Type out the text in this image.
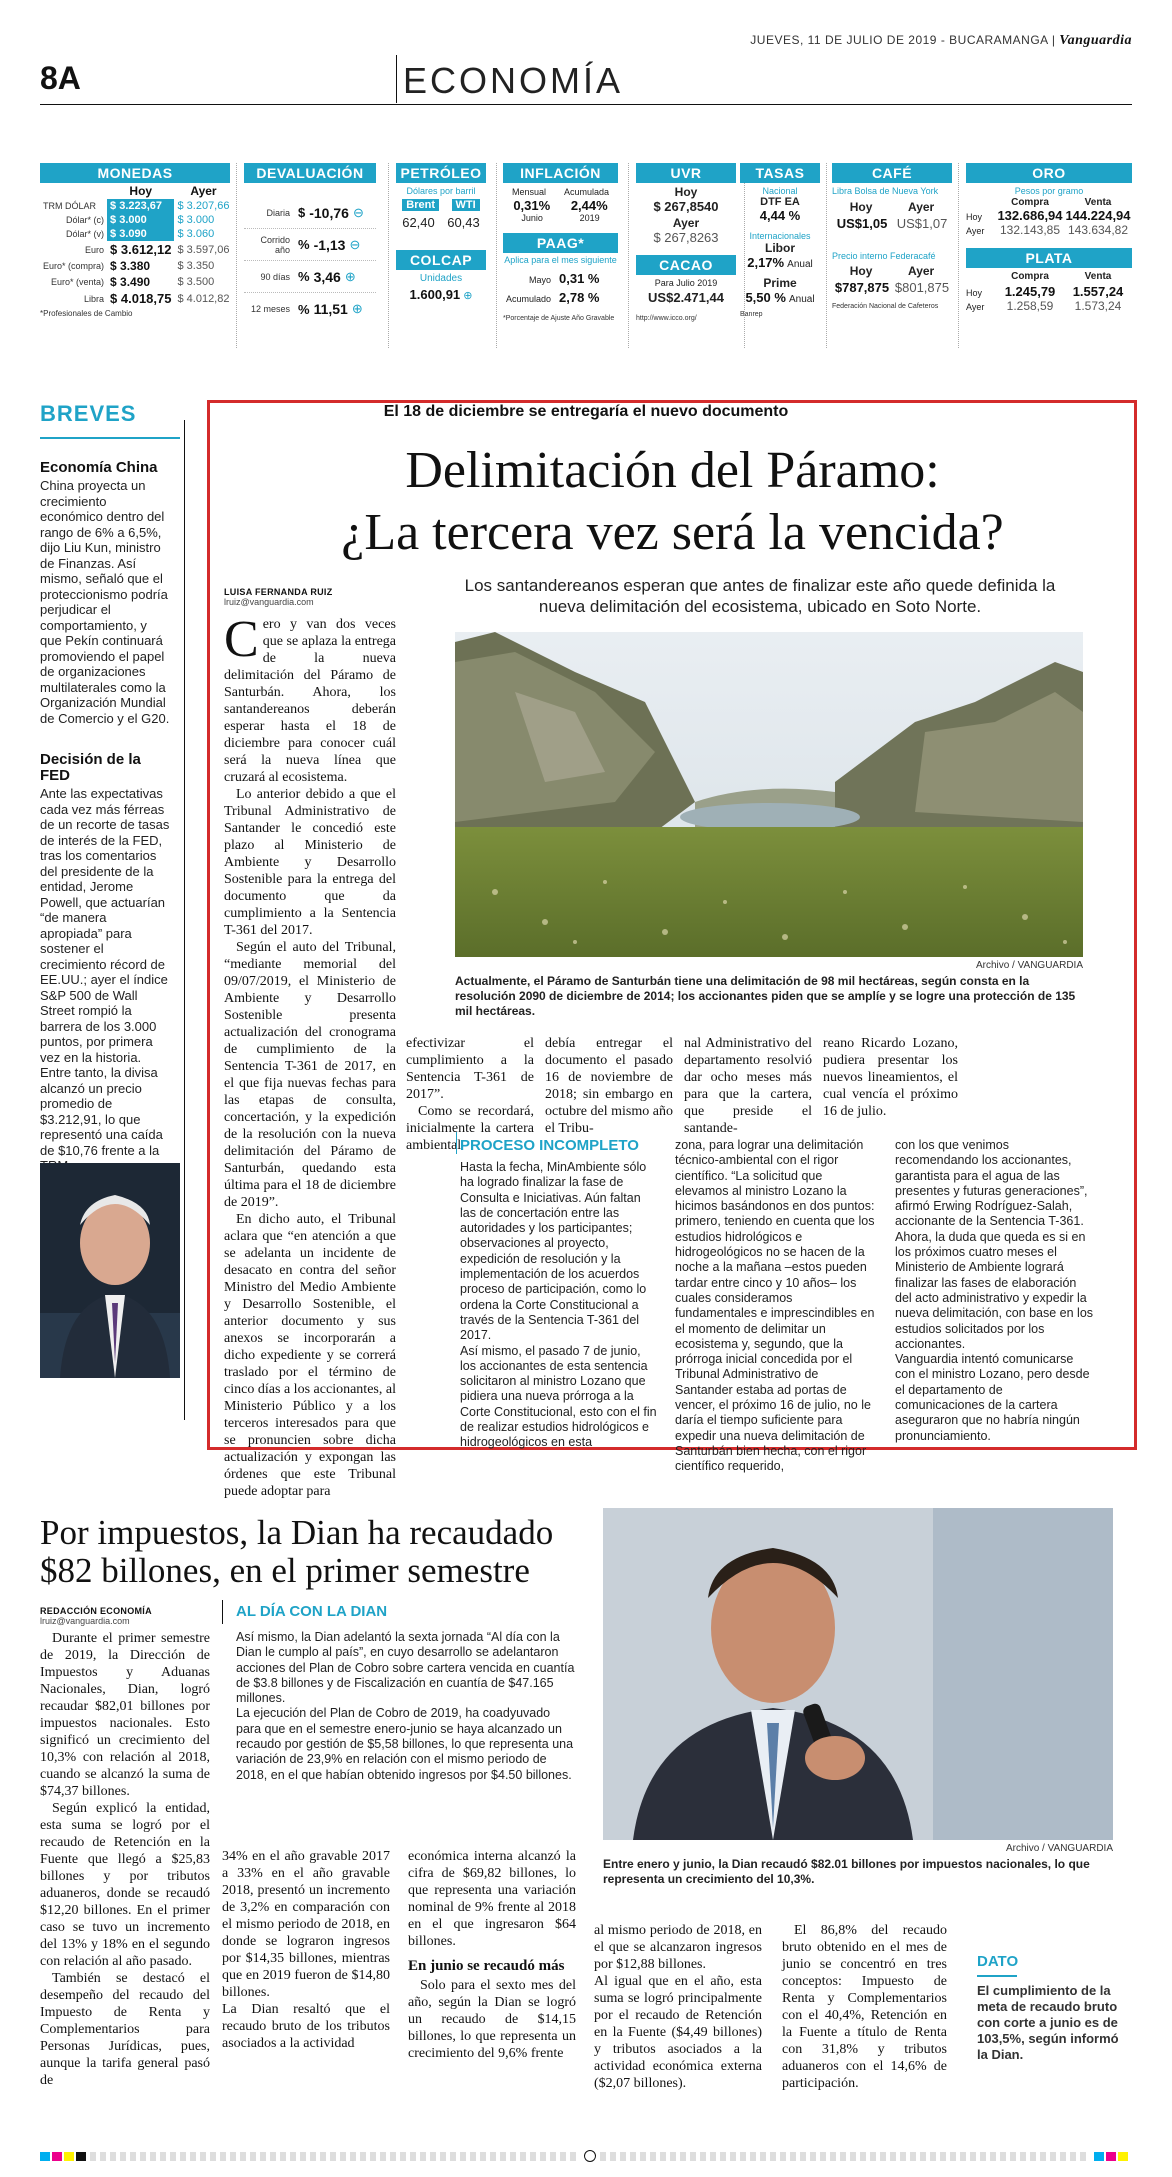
JUEVES, 11 DE JULIO DE 2019 - BUCARAMANGA | Vanguardia
8A	ECONOMÍA
MONEDAS
	Hoy	Ayer
TRM DÓLAR	$ 3.223,67	$ 3.207,66
Dólar* (c)	$ 3.000	$ 3.000
Dólar* (v)	$ 3.090	$ 3.060
Euro	$ 3.612,12	$ 3.597,06
Euro* (compra)	$ 3.380	$ 3.350
Euro* (venta)	$ 3.490	$ 3.500
Libra	$ 4.018,75	$ 4.012,82
*Profesionales de Cambio
DEVALUACIÓN
Diaria $ -10,76 ⊖
Corrido año % -1,13 ⊖
90 días % 3,46 ⊕
12 meses % 11,51 ⊕
PETRÓLEO
Dólares por barril
Brent	WTI
62,40 60,43
COLCAP
Unidades
1.600,91 ⊕
INFLACIÓN
Mensual Acumulada
0,31% 2,44%
Junio	2019
PAAG*
Aplica para el mes siguiente
Mayo 0,31 %
Acumulado 2,78 %
*Porcentaje de Ajuste Año Gravable
UVR
Hoy
$ 267,8540
Ayer
$ 267,8263
CACAO
Para Julio 2019
US$2.471,44
http://www.icco.org/
TASAS
Nacional
DTF EA
4,44 %
Internacionales
Libor
2,17% Anual
Prime
5,50 % Anual
Banrep
CAFÉ
Libra Bolsa de Nueva York
Hoy	Ayer
US$1,05 US$1,07
Precio interno Federacafé
Hoy	Ayer
$787,875 $801,875
Federación Nacional de Cafeteros
ORO
Pesos por gramo
Compra	Venta
Hoy	132.686,94 144.224,94
Ayer	132.143,85 143.634,82
PLATA
Compra	Venta
Hoy	1.245,79	1.557,24
Ayer	1.258,59	1.573,24
BREVES
Economía China

China proyecta un crecimiento económico dentro del rango de 6% a 6,5%, dijo Liu Kun, ministro de Finanzas. Así mismo, señaló que el proteccionismo podría perjudicar el comportamiento, y que Pekín continuará promoviendo el papel de organizaciones multilaterales como la Organización Mundial de Comercio y el G20.

Decisión de la FED

Ante las expectativas cada vez más férreas de un recorte de tasas de interés de la FED, tras los comentarios del presidente de la entidad, Jerome Powell, que actuarían “de manera apropiada” para sostener el crecimiento récord de EE.UU.; ayer el índice S&P 500 de Wall Street rompió la barrera de los 3.000 puntos, por primera vez en la historia. Entre tanto, la divisa alcanzó un precio promedio de $3.212,91, lo que representó una caída de $10,76 frente a la

El 18 de diciembre se entregaría el nuevo documento
Delimitación del Páramo:
¿La tercera vez será la vencida?
LUISA FERNANDA RUIZ
lruiz@vanguardia.com
Los santandereanos esperan que antes de finalizar este año quede definida la nueva delimitación del ecosistema, ubicado en Soto Norte.

Cero y van dos veces que se aplaza la entrega de la nueva delimitación del Páramo de Santurbán. Ahora, los santandereanos deberán esperar hasta el 18 de diciembre para conocer cuál será la nueva línea que cruzará al ecosistema.

Lo anterior debido a que el Tribunal Administrativo de Santander le concedió este plazo al Ministerio de Ambiente y Desarrollo Sostenible para la entrega del documento que da cumplimiento a la Sentencia T-361 del 2017.

Según el auto del Tribunal, “mediante memorial del 09/07/2019, el Ministerio de Ambiente y Desarrollo Sostenible presenta actualización del cronograma de cumplimiento de la Sentencia T-361 de 2017, en el que fija nuevas fechas para las etapas de consulta, concertación, y la expedición de la resolución con la nueva delimitación del Páramo de Santurbán, quedando esta última para el 18 de diciembre de 2019”.

En dicho auto, el Tribunal aclara que “en atención a que se adelanta un incidente de desacato en contra del señor Ministro del Medio Ambiente y Desarrollo Sostenible, el anterior documento y sus anexos se incorporarán a dicho expediente y se correrá traslado por el término de cinco días a los accionantes, al Ministerio Público y a los terceros interesados para que se pronuncien sobre dicha actualización y expongan las órdenes que este Tribunal puede adoptar para

Archivo / VANGUARDIA
Actualmente, el Páramo de Santurbán tiene una delimitación de 98 mil hectáreas, según consta en la resolución 2090 de diciembre de 2014; los accionantes piden que se amplíe y se logre una protección de 135 mil hectáreas.

efectivizar el cumplimiento a la Sentencia T-361 de 2017”.

Como se recordará, inicialmente la cartera ambiental

debía entregar el documento el pasado 16 de noviembre de 2018; sin embargo en octubre del mismo año el Tribu-

nal Administrativo del departamento resolvió dar ocho meses más para que la cartera, que preside el santande-

reano Ricardo Lozano, pudiera presentar los nuevos lineamientos, el cual vencía el próximo 16 de julio.

PROCESO INCOMPLETO
Hasta la fecha, MinAmbiente sólo ha logrado finalizar la fase de Consulta e Iniciativas. Aún faltan las de concertación entre las autoridades y los participantes; observaciones al proyecto, expedición de resolución y la implementación de los acuerdos proceso de participación, como lo ordena la Corte Constitucional a través de la Sentencia T-361 del 2017.
Así mismo, el pasado 7 de junio, los accionantes de esta sentencia solicitaron al ministro Lozano que pidiera una nueva prórroga a la Corte Constitucional, esto con el fin de realizar estudios hidrológicos e hidrogeológicos en esta
zona, para lograr una delimitación técnico-ambiental con el rigor científico. “La solicitud que elevamos al ministro Lozano la hicimos basándonos en dos puntos: primero, teniendo en cuenta que los estudios hidrológicos e hidrogeológicos no se hacen de la noche a la mañana –estos pueden tardar entre cinco y 10 años– los cuales consideramos fundamentales e imprescindibles en el momento de delimitar un ecosistema y, segundo, que la prórroga inicial concedida por el Tribunal Administrativo de Santander estaba ad portas de vencer, el próximo 16 de julio, no le daría el tiempo suficiente para expedir una nueva delimitación de Santurbán bien hecha, con el rigor científico requerido,
con los que venimos recomendando los accionantes, garantista para el agua de las presentes y futuras generaciones”, afirmó Erwing Rodríguez-Salah, accionante de la Sentencia T-361.
Ahora, la duda que queda es si en los próximos cuatro meses el Ministerio de Ambiente logrará finalizar las fases de elaboración del acto administrativo y expedir la nueva delimitación, con base en los estudios solicitados por los accionantes.
Vanguardia intentó comunicarse con el ministro Lozano, pero desde el departamento de comunicaciones de la cartera aseguraron que no habría ningún pronunciamiento.
Por impuestos, la Dian ha recaudado $82 billones, en el primer semestre
REDACCIÓN ECONOMÍA
lruiz@vanguardia.com

Durante el primer semestre de 2019, la Dirección de Impuestos y Aduanas Nacionales, Dian, logró recaudar $82,01 billones por impuestos nacionales. Esto significó un crecimiento del 10,3% con relación al 2018, cuando se alcanzó la suma de $74,37 billones.

Según explicó la entidad, esta suma se logró por el recaudo de Retención en la Fuente que llegó a $25,83 billones y por tributos aduaneros, donde se recaudó $12,20 billones. En el primer caso se tuvo un incremento del 13% y 18% en el segundo con relación al año pasado.

También se destacó el desempeño del recaudo del Impuesto de Renta y Complementarios para Personas Jurídicas, pues, aunque la tarifa general pasó de

AL DÍA CON LA DIAN
Así mismo, la Dian adelantó la sexta jornada “Al día con la Dian le cumplo al país”, en cuyo desarrollo se adelantaron acciones del Plan de Cobro sobre cartera vencida en cuantía de $3.8 billones y de Fiscalización en cuantía de $47.165 millones.
La ejecución del Plan de Cobro de 2019, ha coadyuvado para que en el semestre enero-junio se haya alcanzado un recaudo por gestión de $5,58 billones, lo que representa una variación de 23,9% en relación con el mismo periodo de 2018, en el que habían obtenido ingresos por $4.50 billones.
Archivo / VANGUARDIA
Entre enero y junio, la Dian recaudó $82.01 billones por impuestos nacionales, lo que representa un crecimiento del 10,3%.
34% en el año gravable 2017 a 33% en el año gravable 2018, presentó un incremento de 3,2% en comparación con el mismo periodo de 2018, en donde se lograron ingresos por $14,35 billones, mientras que en 2019 fueron de $14,80 billones.
La Dian resaltó que el recaudo bruto de los tributos asociados a la actividad

económica interna alcanzó la cifra de $69,82 billones, lo que representa una variación nominal de 9% frente al 2018 en el que ingresaron $64 billones.

En junio se recaudó más

Solo para el sexto mes del año, según la Dian se logró un recaudo de $14,15 billones, lo que representa un crecimiento del 9,6% frente

al mismo periodo de 2018, en el que se alcanzaron ingresos por $12,88 billones.
Al igual que en el año, esta suma se logró principalmente por el recaudo de Retención en la Fuente ($4,49 billones) y tributos asociados a la actividad económica externa ($2,07 billones).

El 86,8% del recaudo bruto obtenido en el mes de junio se concentró en tres conceptos: Impuesto de Renta y Complementarios con el 40,4%, Retención en la Fuente a título de Renta con 31,8% y tributos aduaneros con el 14,6% de participación.

DATO
El cumplimiento de la meta de recaudo bruto con corte a junio es de 103,5%, según informó la Dian.
